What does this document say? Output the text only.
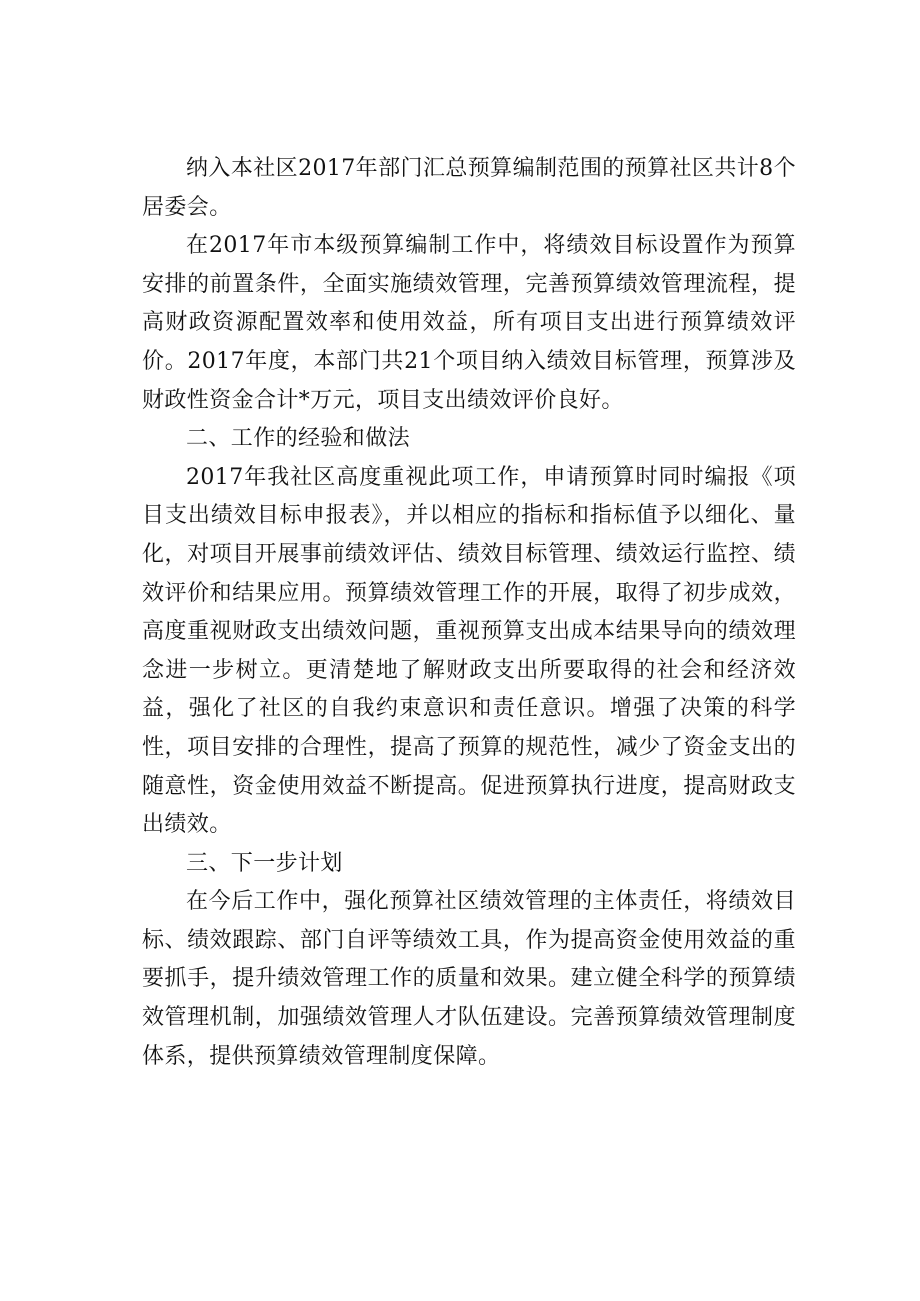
纳入本社区2017年部门汇总预算编制范围的预算社区共计8个居委会。

在2017年市本级预算编制工作中，将绩效目标设置作为预算安排的前置条件，全面实施绩效管理，完善预算绩效管理流程，提高财政资源配置效率和使用效益，所有项目支出进行预算绩效评价。2017年度，本部门共21个项目纳入绩效目标管理，预算涉及财政性资金合计*万元，项目支出绩效评价良好。

二、工作的经验和做法

2017年我社区高度重视此项工作，申请预算时同时编报《项目支出绩效目标申报表》，并以相应的指标和指标值予以细化、量化，对项目开展事前绩效评估、绩效目标管理、绩效运行监控、绩效评价和结果应用。预算绩效管理工作的开展，取得了初步成效，高度重视财政支出绩效问题，重视预算支出成本结果导向的绩效理念进一步树立。更清楚地了解财政支出所要取得的社会和经济效益，强化了社区的自我约束意识和责任意识。增强了决策的科学性，项目安排的合理性，提高了预算的规范性，减少了资金支出的随意性，资金使用效益不断提高。促进预算执行进度，提高财政支出绩效。

三、下一步计划

在今后工作中，强化预算社区绩效管理的主体责任，将绩效目标、绩效跟踪、部门自评等绩效工具，作为提高资金使用效益的重要抓手，提升绩效管理工作的质量和效果。建立健全科学的预算绩效管理机制，加强绩效管理人才队伍建设。完善预算绩效管理制度体系，提供预算绩效管理制度保障。
